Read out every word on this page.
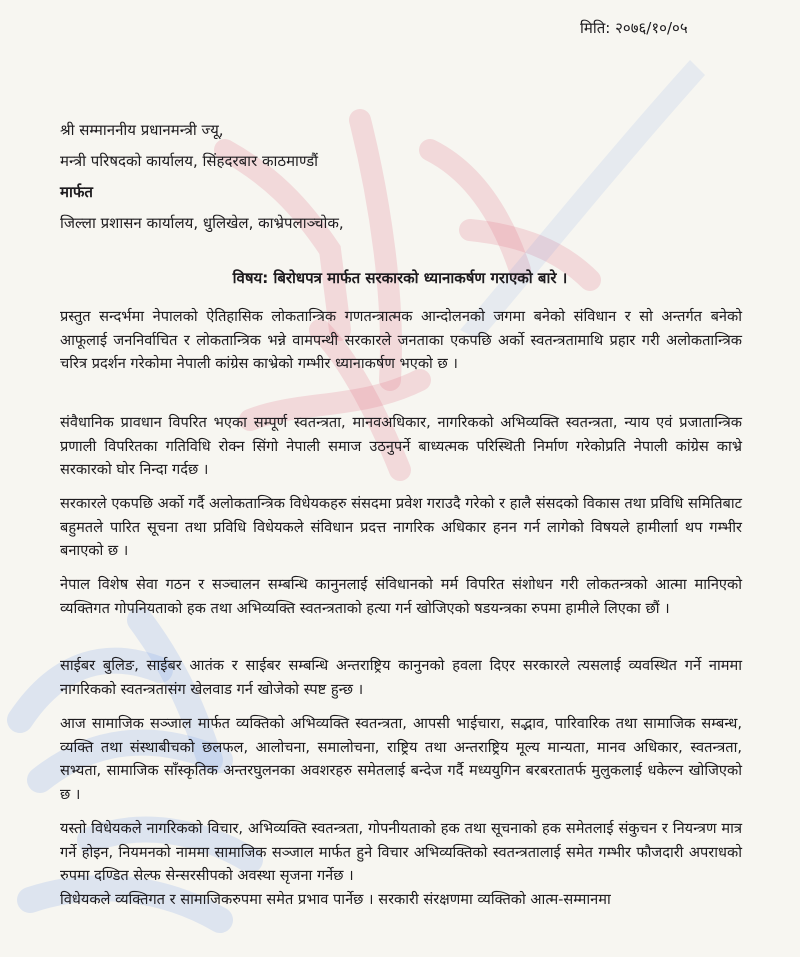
मिति: २०७६/१०/०५
श्री सम्माननीय प्रधानमन्त्री ज्यू,
मन्त्री परिषदको कार्यालय, सिंहदरबार काठमाण्डौं
मार्फत
जिल्ला प्रशासन कार्यालय, धुलिखेल, काभ्रेपलाञ्चोक,
विषय: बिरोधपत्र मार्फत सरकारको ध्यानाकर्षण गराएको बारे ।
प्रस्तुत सन्दर्भमा नेपालको ऐतिहासिक लोकतान्त्रिक गणतन्त्रात्मक आन्दोलनको जगमा बनेको संविधान र सो अन्तर्गत बनेको आफूलाई जननिर्वाचित र लोकतान्त्रिक भन्ने वामपन्थी सरकारले जनताका एकपछि अर्को स्वतन्त्रतामाथि प्रहार गरी अलोकतान्त्रिक चरित्र प्रदर्शन गरेकोमा नेपाली कांग्रेस काभ्रेको गम्भीर ध्यानाकर्षण भएको छ ।
संवैधानिक प्रावधान विपरित भएका सम्पूर्ण स्वतन्त्रता, मानवअधिकार, नागरिकको अभिव्यक्ति स्वतन्त्रता, न्याय एवं प्रजातान्त्रिक प्रणाली विपरितका गतिविधि रोक्न सिंगो नेपाली समाज उठनुपर्ने बाध्यत्मक परिस्थिती निर्माण गरेकोप्रति नेपाली कांग्रेस काभ्रे सरकारको घोर निन्दा गर्दछ ।
सरकारले एकपछि अर्को गर्दै अलोकतान्त्रिक विधेयकहरु संसदमा प्रवेश गराउदै गरेको र हालै संसदको विकास तथा प्रविधि समितिबाट बहुमतले पारित सूचना तथा प्रविधि विधेयकले संविधान प्रदत्त नागरिक अधिकार हनन गर्न लागेको विषयले हामीर्लाा थप गम्भीर बनाएको छ ।
नेपाल विशेष सेवा गठन र सञ्चालन सम्बन्धि कानुनलाई संविधानको मर्म विपरित संशोधन गरी लोकतन्त्रको आत्मा मानिएको व्यक्तिगत गोपनियताको हक तथा अभिव्यक्ति स्वतन्त्रताको हत्या गर्न खोजिएको षडयन्त्रका रुपमा हामीले लिएका छौं ।
साईबर बुलिङ, साईबर आतंक र साईबर सम्बन्धि अन्तराष्ट्रिय कानुनको हवला दिएर सरकारले त्यसलाई व्यवस्थित गर्ने नाममा नागरिकको स्वतन्त्रतासंग खेलवाड गर्न खोजेको स्पष्ट हुन्छ ।
आज सामाजिक सञ्जाल मार्फत व्यक्तिको अभिव्यक्ति स्वतन्त्रता, आपसी भाईचारा, सद्भाव, पारिवारिक तथा सामाजिक सम्बन्ध, व्यक्ति तथा संस्थाबीचको छलफल, आलोचना, समालोचना, राष्ट्रिय तथा अन्तराष्ट्रिय मूल्य मान्यता, मानव अधिकार, स्वतन्त्रता, सभ्यता, सामाजिक साँस्कृतिक अन्तरघुलनका अवशरहरु समेतलाई बन्देज गर्दै मध्ययुगिन बरबरतातर्फ मुलुकलाई धकेल्न खोजिएको छ ।
यस्तो विधेयकले नागरिकको विचार, अभिव्यक्ति स्वतन्त्रता, गोपनीयताको हक तथा सूचनाको हक समेतलाई संकुचन र नियन्त्रण मात्र गर्ने होइन, नियमनको नाममा सामाजिक सञ्जाल मार्फत हुने विचार अभिव्यक्तिको स्वतन्त्रतालाई समेत गम्भीर फौजदारी अपराधको रुपमा दण्डित सेल्फ सेन्सरसीपको अवस्था सृजना गर्नेछ ।
विधेयकले व्यक्तिगत र सामाजिकरुपमा समेत प्रभाव पार्नेछ । सरकारी संरक्षणमा व्यक्तिको आत्म-सम्मानमा
